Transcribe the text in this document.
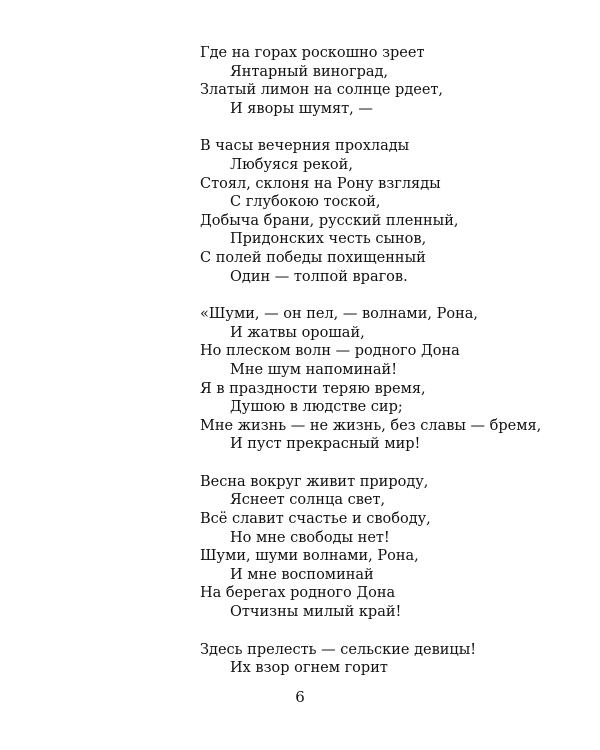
Где на горах роскошно зреет
Янтарный виноград,
Златый лимон на солнце рдеет,
И яворы шумят, —
В часы вечерния прохлады
Любуяся рекой,
Стоял, склоня на Рону взгляды
С глубокою тоской,
Добыча брани, русский пленный,
Придонских честь сынов,
С полей победы похищенный
Один — толпой врагов.
«Шуми, — он пел, — волнами, Рона,
И жатвы орошай,
Но плеском волн — родного Дона
Мне шум напоминай!
Я в праздности теряю время,
Душою в людстве сир;
Мне жизнь — не жизнь, без славы — бремя,
И пуст прекрасный мир!
Весна вокруг живит природу,
Яснеет солнца свет,
Всё славит счастье и свободу,
Но мне свободы нет!
Шуми, шуми волнами, Рона,
И мне воспоминай
На берегах родного Дона
Отчизны милый край!
Здесь прелесть — сельские девицы!
Их взор огнем горит
6
